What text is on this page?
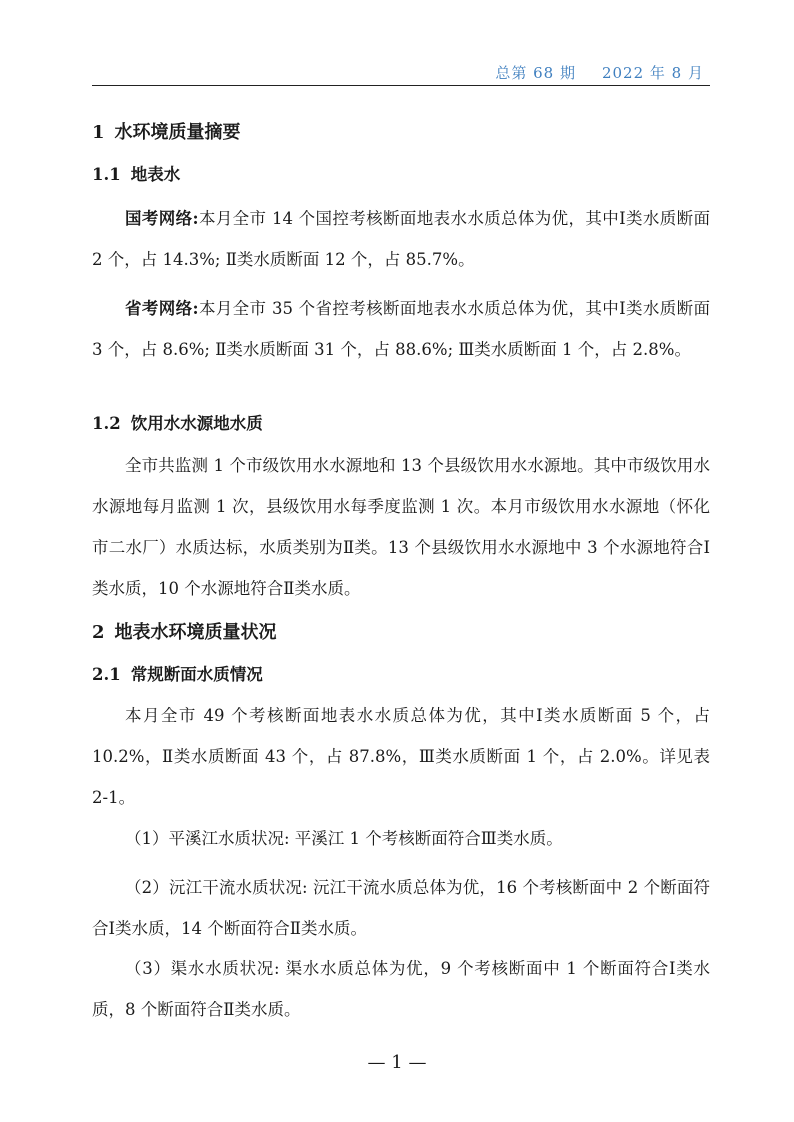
总第 68 期 2022 年 8 月
1 水环境质量摘要
1.1 地表水

国考网络:本月全市 14 个国控考核断面地表水水质总体为优，其中Ⅰ类水质断面 2 个，占 14.3%; Ⅱ类水质断面 12 个，占 85.7%。

省考网络:本月全市 35 个省控考核断面地表水水质总体为优，其中Ⅰ类水质断面 3 个，占 8.6%; Ⅱ类水质断面 31 个，占 88.6%; Ⅲ类水质断面 1 个，占 2.8%。

1.2 饮用水水源地水质

全市共监测 1 个市级饮用水水源地和 13 个县级饮用水水源地。其中市级饮用水水源地每月监测 1 次，县级饮用水每季度监测 1 次。本月市级饮用水水源地（怀化市二水厂）水质达标，水质类别为Ⅱ类。13 个县级饮用水水源地中 3 个水源地符合Ⅰ类水质，10 个水源地符合Ⅱ类水质。

2 地表水环境质量状况
2.1 常规断面水质情况

本月全市 49 个考核断面地表水水质总体为优，其中Ⅰ类水质断面 5 个，占 10.2%，Ⅱ类水质断面 43 个，占 87.8%，Ⅲ类水质断面 1 个，占 2.0%。详见表 2-1。

（1）平溪江水质状况: 平溪江 1 个考核断面符合Ⅲ类水质。

（2）沅江干流水质状况: 沅江干流水质总体为优，16 个考核断面中 2 个断面符合Ⅰ类水质，14 个断面符合Ⅱ类水质。

（3）渠水水质状况: 渠水水质总体为优，9 个考核断面中 1 个断面符合Ⅰ类水质，8 个断面符合Ⅱ类水质。

— 1 —
